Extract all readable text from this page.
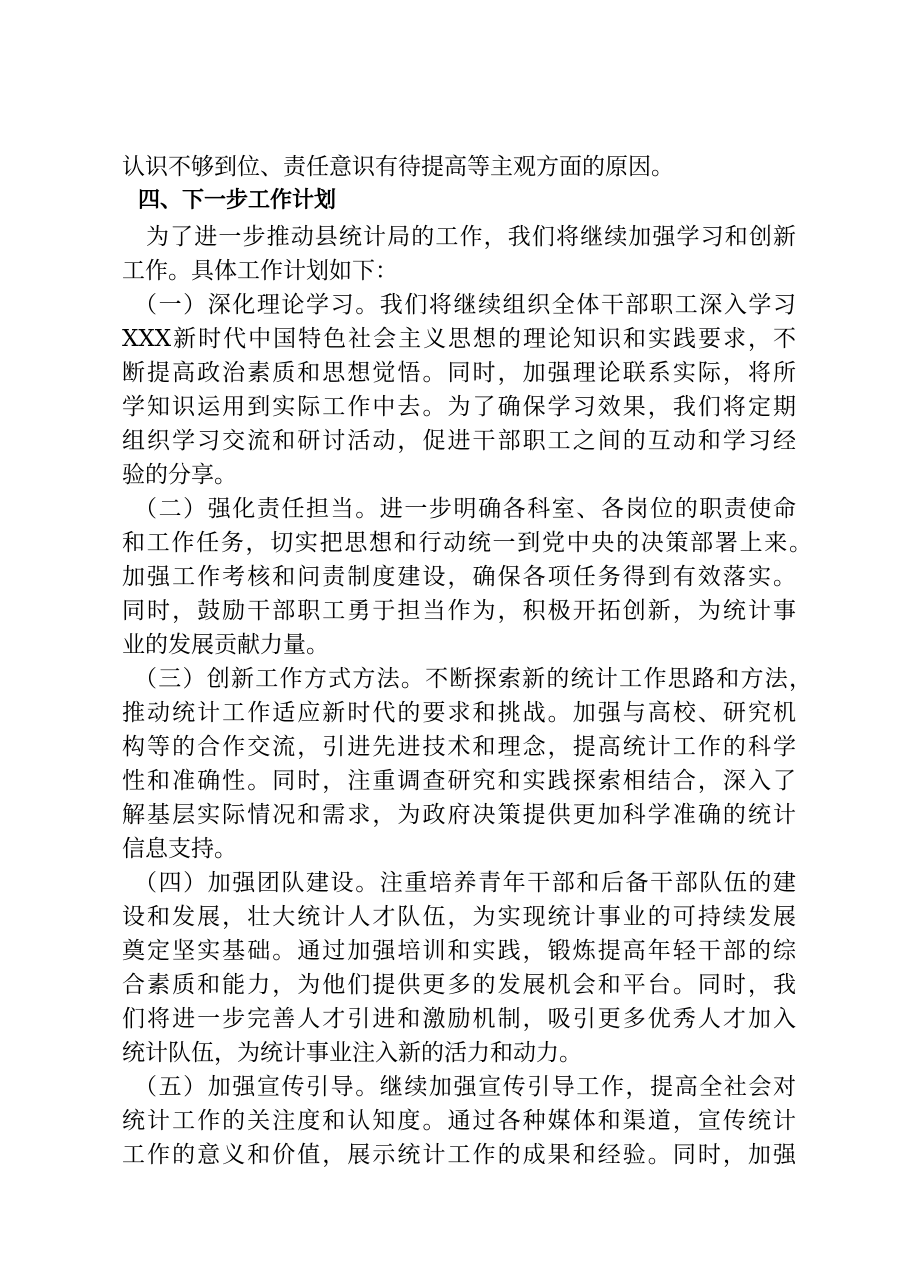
认识不够到位、责任意识有待提高等主观方面的原因。
四、下一步工作计划
为了进一步推动县统计局的工作，我们将继续加强学习和创新
工作。具体工作计划如下：
（一）深化理论学习。我们将继续组织全体干部职工深入学习
XXX新时代中国特色社会主义思想的理论知识和实践要求，不
断提高政治素质和思想觉悟。同时，加强理论联系实际，将所
学知识运用到实际工作中去。为了确保学习效果，我们将定期
组织学习交流和研讨活动，促进干部职工之间的互动和学习经
验的分享。
（二）强化责任担当。进一步明确各科室、各岗位的职责使命
和工作任务，切实把思想和行动统一到党中央的决策部署上来。
加强工作考核和问责制度建设，确保各项任务得到有效落实。
同时，鼓励干部职工勇于担当作为，积极开拓创新，为统计事
业的发展贡献力量。
（三）创新工作方式方法。不断探索新的统计工作思路和方法，
推动统计工作适应新时代的要求和挑战。加强与高校、研究机
构等的合作交流，引进先进技术和理念，提高统计工作的科学
性和准确性。同时，注重调查研究和实践探索相结合，深入了
解基层实际情况和需求，为政府决策提供更加科学准确的统计
信息支持。
（四）加强团队建设。注重培养青年干部和后备干部队伍的建
设和发展，壮大统计人才队伍，为实现统计事业的可持续发展
奠定坚实基础。通过加强培训和实践，锻炼提高年轻干部的综
合素质和能力，为他们提供更多的发展机会和平台。同时，我
们将进一步完善人才引进和激励机制，吸引更多优秀人才加入
统计队伍，为统计事业注入新的活力和动力。
（五）加强宣传引导。继续加强宣传引导工作，提高全社会对
统计工作的关注度和认知度。通过各种媒体和渠道，宣传统计
工作的意义和价值，展示统计工作的成果和经验。同时，加强
